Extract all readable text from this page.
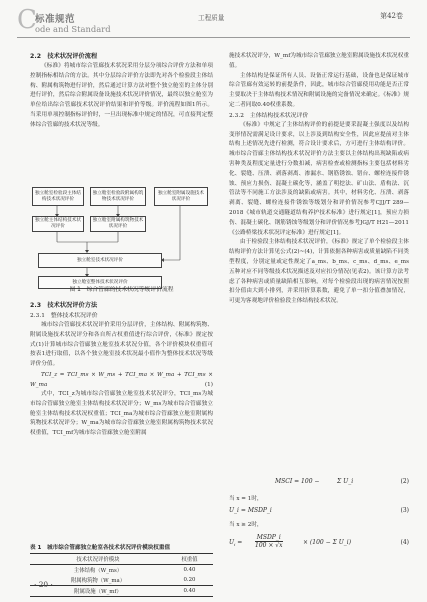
C
标准规范
ode and Standard
工程质量	第42卷

2.2　技术状况评价流程

《标准》将城市综合管廊技术状况采用分层分项综合评价方法和单项控制指标相结合的方法。其中分层综合评价方法即先对各个检验段主体结构、附属构筑物进行评价，然后通过计算方法对整个独立舱室的主体分别进行评价，然后综合附属设备设施技术状况评价情况，最终以独立舱室为单位给出综合管廊技术状况评价结果和评价等级。评价流程如图1所示。当采用单项控制指标评价时，一旦出现标准中规定的情况，可直接判定整体综合管廊的技术状况等级。

独立舱室检验段主体结构技术状况评价
独立舱室检验段附属构筑物技术状况评价
独立舱室附属设施技术状况评价
独立舱主体结构技术状况评价
独立舱室附属构筑物技术状况评价
独立舱室技术状况评价
独立舱室整体技术状况评价
图 1　综合管廊的技术状况等级评价流程

2.3　技术状况评价方法

2.3.1　整体技术状况评价

城市综合管廊技术状况评价采用分层评价，主体结构、附属构筑物、附属设施技术状况评分和各自所占权重值进行综合评价，《标准》规定按式(1)计算城市综合管廊独立舱室技术状况分值，各个评价模块权重值可按表1进行取值，以各个独立舱室技术状况最小值作为整体技术状况等级评价分值。

TCI_z = TCI_ms × W_ms + TCI_ma × W_ma + TCI_ms × W_ma	(1)

式中，TCI_z为城市综合管廊独立舱室技术状况评分，TCI_ms为城市综合管廊独立舱室主体结构技术状况评分；W_ms为城市综合管廊独立舱室主体结构技术状况权重值；TCI_ma为城市综合管廊独立舱室附属构筑物技术状况评分；W_ma为城市综合管廊独立舱室附属构筑物技术状况权重值，TCI_mf为城市综合管廊独立舱室附属

表 1　城市综合管廊独立舱室各技术状况评价模块权重值
技术状况评价模块	权重值
主体结构（W_ms）	0.40
附属构筑物（W_ma）	0.20
附属设施（W_mf）	0.40
· 20 ·

施技术状况评分，W_mf为城市综合管廊独立舱室附属设施技术状况权重值。

主体结构是保证所有人员、设备正常运行基础，设备也是保证城市综合管廊有效运转的前提条件，因此，城市综合管廊使用功能是否正常主要取决于主体结构技术情况和附属设施的完备情况来确定。《标准》规定二者同取0.40权重系数。

2.3.2　主体结构技术状况评价

《标准》中规定了主体结构评价的前提是要采混凝土强度以及结构变形情况需满足设计要求，以上涉及到结构安全性，因此应提前对主体结构上述情况先进行检测，符合设计要求后，方可进行主体结构评价。城市综合管廊主体结构技术状况评价方法主要以主体结构出现缺陷或病害种类及程度定量进行分数扣减，病害检查或检测指标主要包括材料劣化、裂缝、压溃、剥落剥离、渗漏水、钢筋锈蚀、错台、螺栓连接件锈蚀、预应力损伤、混凝土碳化等，涵盖了明挖法、矿山法、盾构法、沉管法等不同施工方法涉及的缺陷或病害。其中，材料劣化、压溃、剥落剥离、裂缝、螺栓连接件锈蚀等级划分和评价情况参考CJJ/T 289—2018《城市轨道交通隧道结构养护技术标准》进行规定[1]，预应力损伤、混凝土碳化、钢筋锈蚀等级划分和评价情况参考JGJ/T H21—2011《公路桥梁技术状况评定标准》进行规定[1]。

由于检验段主体结构技术状况评价，《标准》规定了单个检验段主体结构评价方法计算见公式(2)~(4)，计算依据各种病害或质量缺陷不同类型程度，分别定量或定性规定了a_ms、b_ms、c_ms、d_ms、e_ms五种对应不同等级技术状况描述及对应扣分情况(见表2)。该计算方法考虑了各种病害或质量缺陷相互影响，对每个检验段出现的病害情况按照扣分值由大到小排列，并采用折算系数，避免了单一扣分值叠加情况，可更为客观地评价检验段主体结构技术状况。

MSCI = 100 −	Σ U_i	(2)
当 x = 1时，
U_i = MSDP_i	(3)
当 x ≥ 2时，
$U_i$ =
MSDP_i
100 × √x	× (100 − Σ U_i)	(4)
